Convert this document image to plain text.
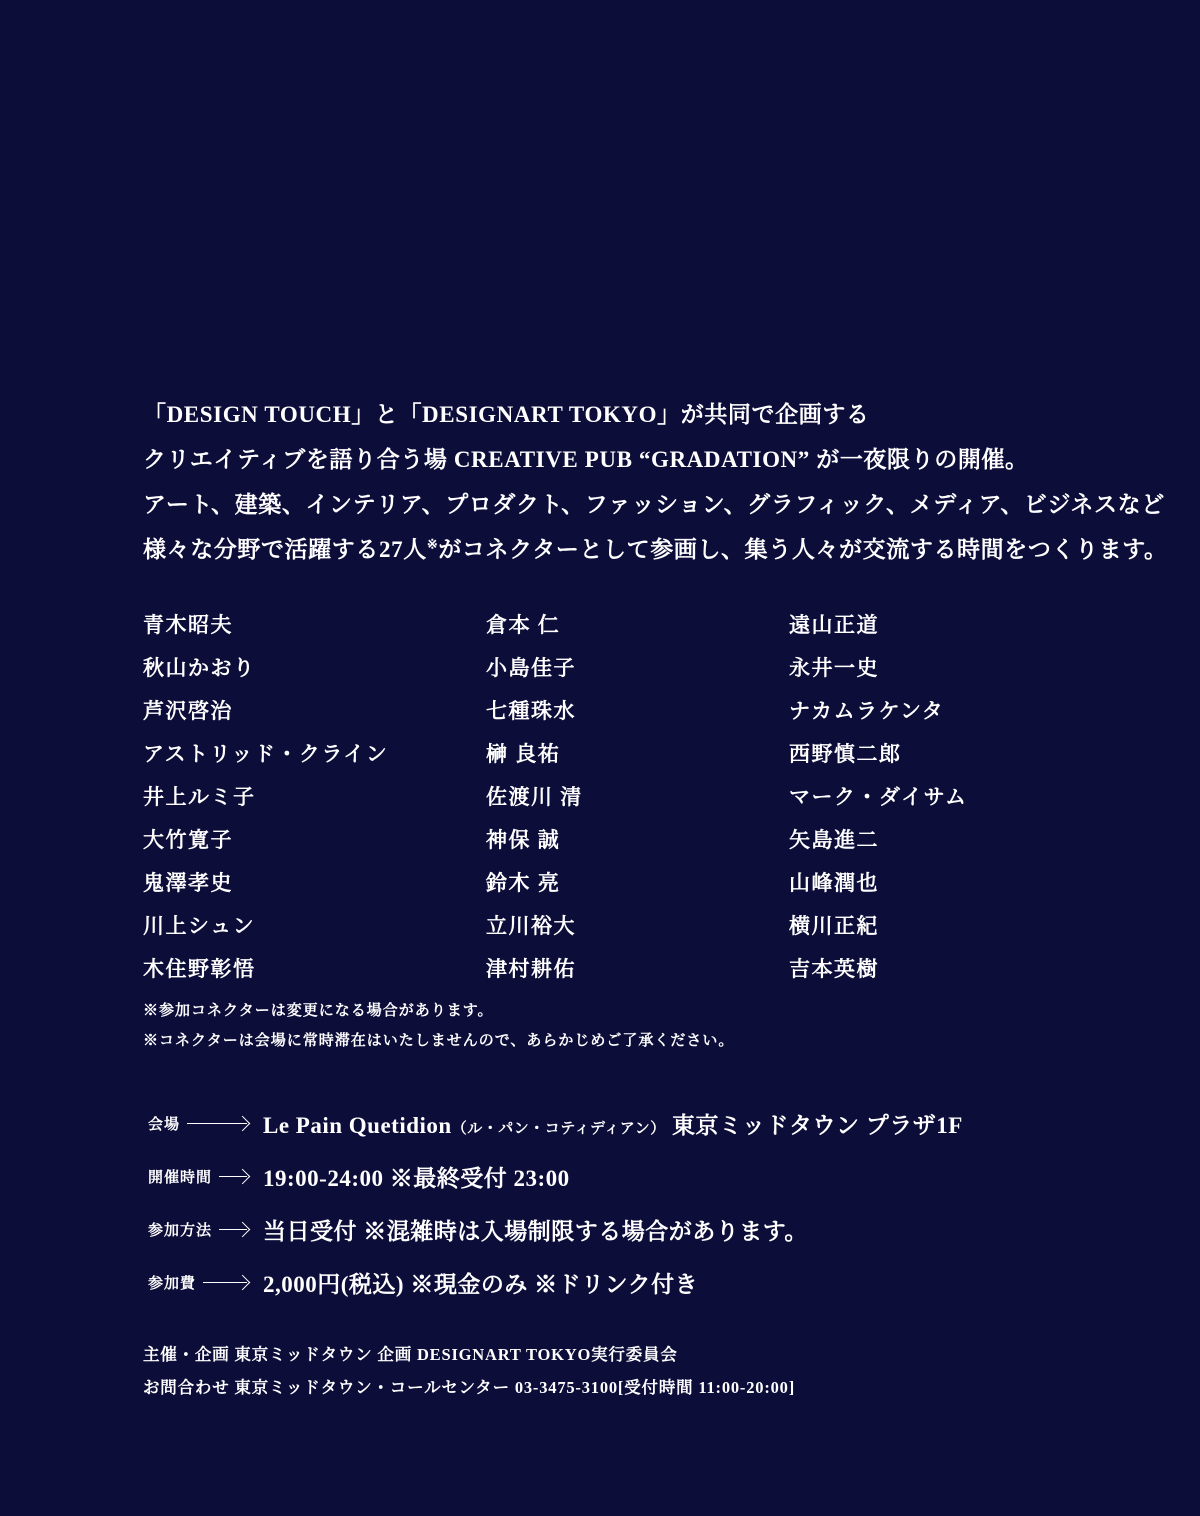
「DESIGN TOUCH」と「DESIGNART TOKYO」が共同で企画する
クリエイティブを語り合う場 CREATIVE PUB “GRADATION” が一夜限りの開催。
アート、建築、インテリア、プロダクト、ファッション、グラフィック、メディア、ビジネスなど
様々な分野で活躍する27人※がコネクターとして参画し、集う人々が交流する時間をつくります。
青木昭夫
秋山かおり
芦沢啓治
アストリッド・クライン
井上ルミ子
大竹寛子
鬼澤孝史
川上シュン
木住野彰悟
倉本 仁
小島佳子
七種珠水
榊 良祐
佐渡川 清
神保 誠
鈴木 亮
立川裕大
津村耕佑
遠山正道
永井一史
ナカムラケンタ
西野慎二郎
マーク・ダイサム
矢島進二
山峰潤也
横川正紀
吉本英樹
※参加コネクターは変更になる場合があります。
※コネクターは会場に常時滞在はいたしませんので、あらかじめご了承ください。
会場	Le Pain Quetidion（ル・パン・コティディアン） 東京ミッドタウン プラザ1F
開催時間 19:00-24:00 ※最終受付 23:00
参加方法 当日受付 ※混雑時は入場制限する場合があります。
参加費	2,000円(税込) ※現金のみ ※ドリンク付き
主催・企画 東京ミッドタウン 企画 DESIGNART TOKYO実行委員会
お問合わせ 東京ミッドタウン・コールセンター 03-3475-3100[受付時間 11:00-20:00]
